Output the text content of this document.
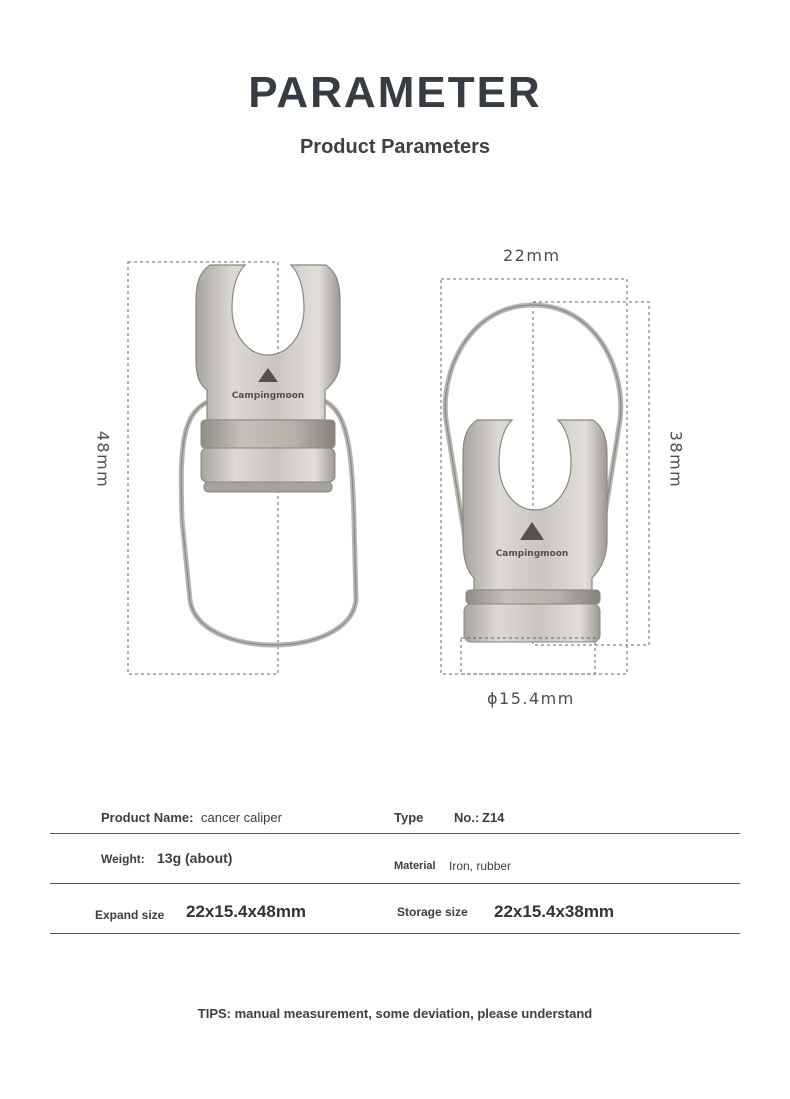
PARAMETER
Product Parameters
Campingmoon
Campingmoon
48mm	38mm
22mm
ϕ15.4mm
Product Name: cancer caliper	Type No.: Z14
Weight: 13g (about)	Material Iron, rubber
Expand size 22x15.4x48mm	Storage size 22x15.4x38mm
TIPS: manual measurement, some deviation, please understand
